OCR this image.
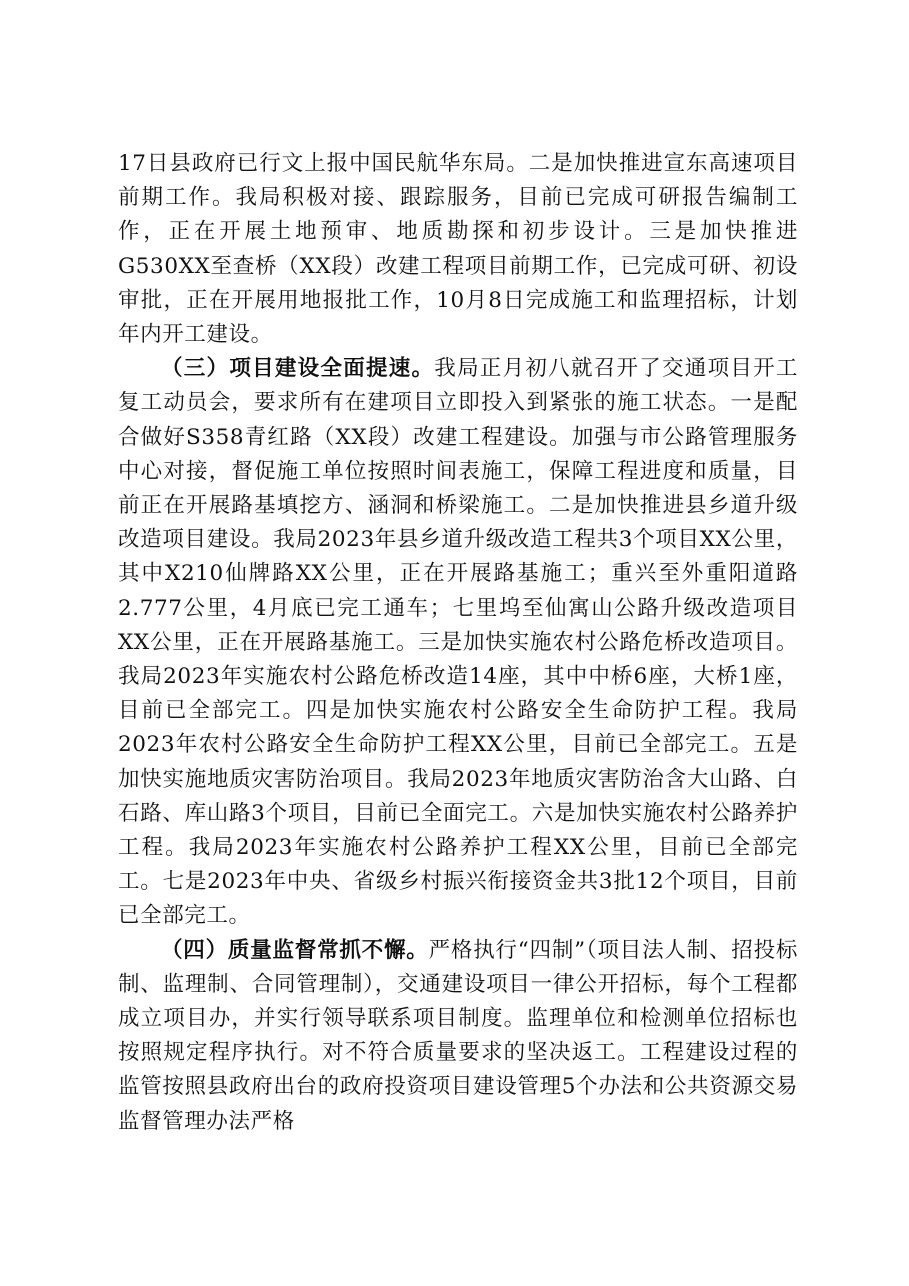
17日县政府已行文上报中国民航华东局。二是加快推进宣东高速项目前期工作。我局积极对接、跟踪服务，目前已完成可研报告编制工作，正在开展土地预审、地质勘探和初步设计。三是加快推进G530XX至查桥（XX段）改建工程项目前期工作，已完成可研、初设审批，正在开展用地报批工作，10月8日完成施工和监理招标，计划年内开工建设。

（三）项目建设全面提速。我局正月初八就召开了交通项目开工复工动员会，要求所有在建项目立即投入到紧张的施工状态。一是配合做好S358青红路（XX段）改建工程建设。加强与市公路管理服务中心对接，督促施工单位按照时间表施工，保障工程进度和质量，目前正在开展路基填挖方、涵洞和桥梁施工。二是加快推进县乡道升级改造项目建设。我局2023年县乡道升级改造工程共3个项目XX公里，其中X210仙牌路XX公里，正在开展路基施工；重兴至外重阳道路2.777公里，4月底已完工通车；七里坞至仙寓山公路升级改造项目XX公里，正在开展路基施工。三是加快实施农村公路危桥改造项目。我局2023年实施农村公路危桥改造14座，其中中桥6座，大桥1座，目前已全部完工。四是加快实施农村公路安全生命防护工程。我局2023年农村公路安全生命防护工程XX公里，目前已全部完工。五是加快实施地质灾害防治项目。我局2023年地质灾害防治含大山路、白石路、库山路3个项目，目前已全面完工。六是加快实施农村公路养护工程。我局2023年实施农村公路养护工程XX公里，目前已全部完工。七是2023年中央、省级乡村振兴衔接资金共3批12个项目，目前已全部完工。

（四）质量监督常抓不懈。严格执行“四制”（项目法人制、招投标制、监理制、合同管理制），交通建设项目一律公开招标，每个工程都成立项目办，并实行领导联系项目制度。监理单位和检测单位招标也按照规定程序执行。对不符合质量要求的坚决返工。工程建设过程的监管按照县政府出台的政府投资项目建设管理5个办法和公共资源交易监督管理办法严格
